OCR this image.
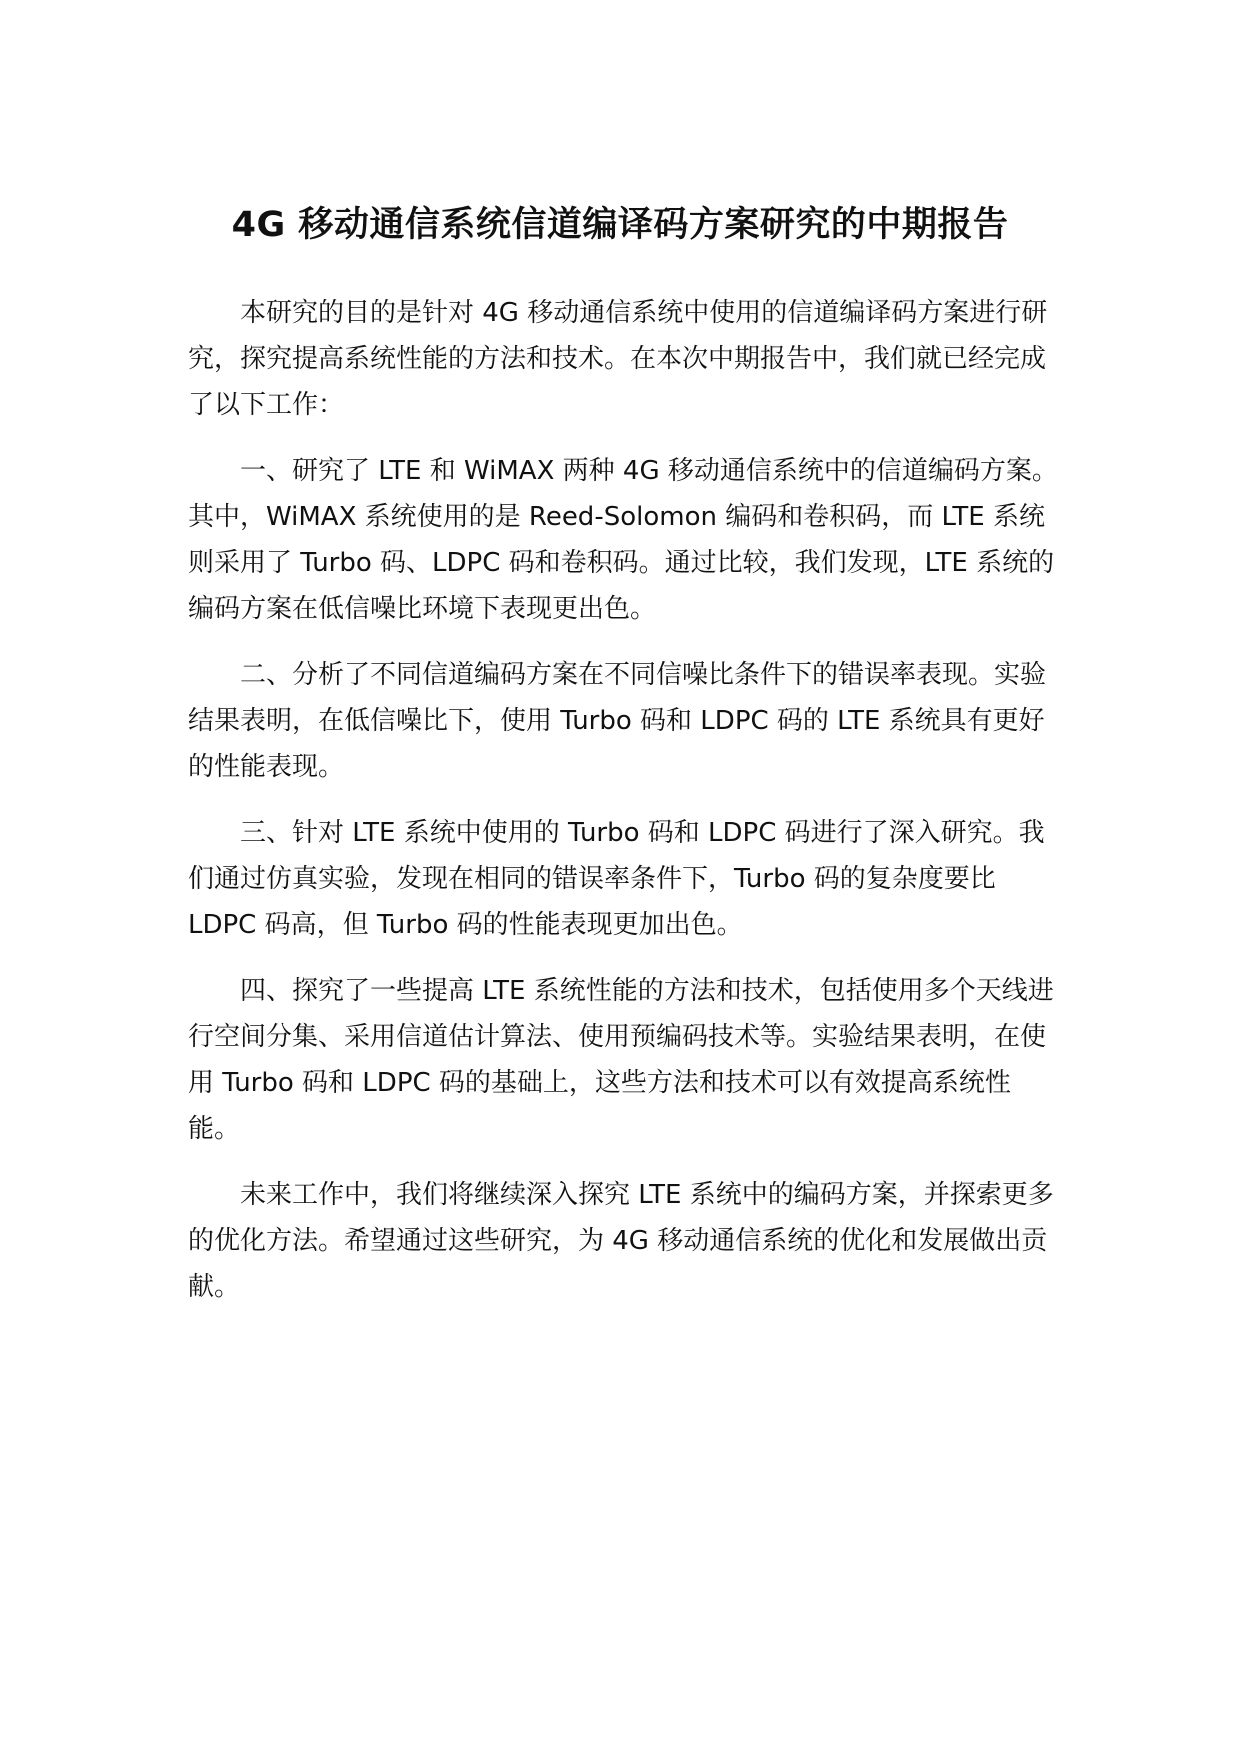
4G 移动通信系统信道编译码方案研究的中期报告

本研究的目的是针对 4G 移动通信系统中使用的信道编译码方案进行研究，探究提高系统性能的方法和技术。在本次中期报告中，我们就已经完成了以下工作：

一、研究了 LTE 和 WiMAX 两种 4G 移动通信系统中的信道编码方案。其中，WiMAX 系统使用的是 Reed-Solomon 编码和卷积码，而 LTE 系统则采用了 Turbo 码、LDPC 码和卷积码。通过比较，我们发现，LTE 系统的编码方案在低信噪比环境下表现更出色。

二、分析了不同信道编码方案在不同信噪比条件下的错误率表现。实验结果表明，在低信噪比下，使用 Turbo 码和 LDPC 码的 LTE 系统具有更好的性能表现。

三、针对 LTE 系统中使用的 Turbo 码和 LDPC 码进行了深入研究。我们通过仿真实验，发现在相同的错误率条件下，Turbo 码的复杂度要比 LDPC 码高，但 Turbo 码的性能表现更加出色。

四、探究了一些提高 LTE 系统性能的方法和技术，包括使用多个天线进行空间分集、采用信道估计算法、使用预编码技术等。实验结果表明，在使用 Turbo 码和 LDPC 码的基础上，这些方法和技术可以有效提高系统性能。

未来工作中，我们将继续深入探究 LTE 系统中的编码方案，并探索更多的优化方法。希望通过这些研究，为 4G 移动通信系统的优化和发展做出贡献。
